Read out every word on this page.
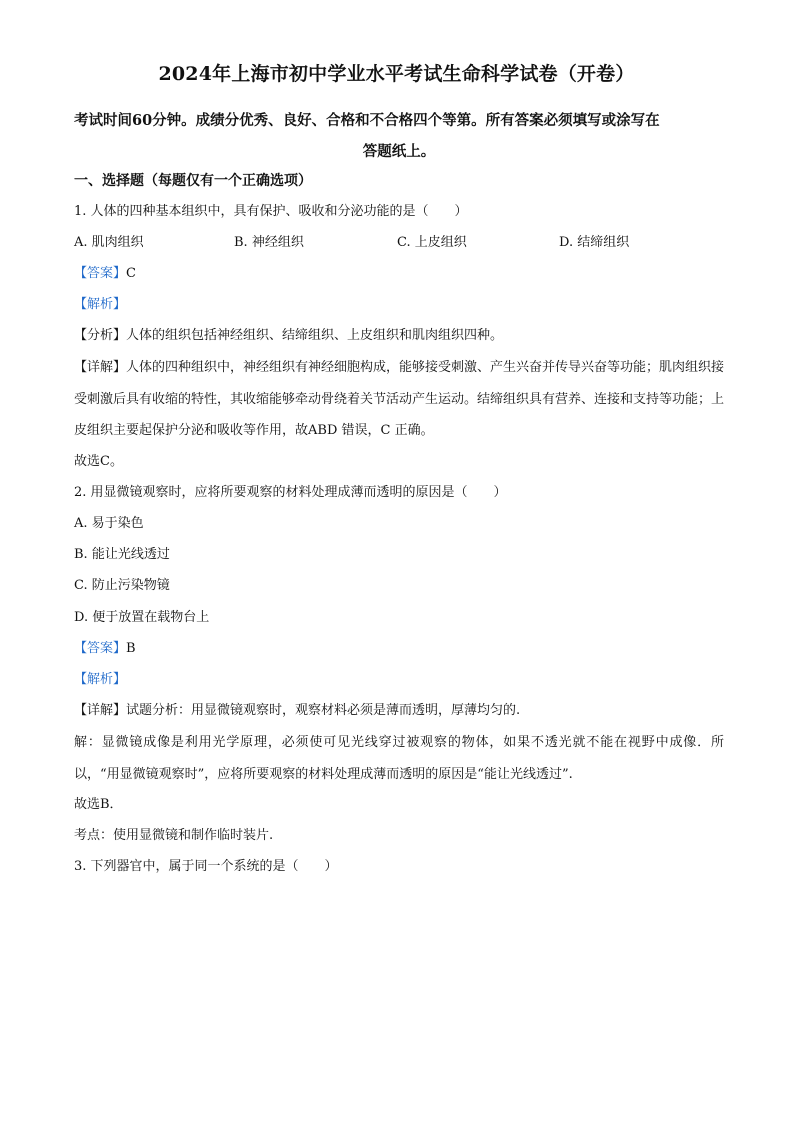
2024年上海市初中学业水平考试生命科学试卷（开卷）
考试时间60分钟。成绩分优秀、良好、合格和不合格四个等第。所有答案必须填写或涂写在
答题纸上。
一、选择题（每题仅有一个正确选项）
1. 人体的四种基本组织中，具有保护、吸收和分泌功能的是（　　）
A. 肌肉组织	B. 神经组织	C. 上皮组织	D. 结缔组织
【答案】C
【解析】
【分析】人体的组织包括神经组织、结缔组织、上皮组织和肌肉组织四种。
【详解】人体的四种组织中，神经组织有神经细胞构成，能够接受刺激、产生兴奋并传导兴奋等功能；肌肉组织接受刺激后具有收缩的特性，其收缩能够牵动骨绕着关节活动产生运动。结缔组织具有营养、连接和支持等功能；上皮组织主要起保护分泌和吸收等作用，故ABD 错误，C 正确。
故选C。
2. 用显微镜观察时，应将所要观察的材料处理成薄而透明的原因是（　　）
A. 易于染色
B. 能让光线透过
C. 防止污染物镜
D. 便于放置在载物台上
【答案】B
【解析】
【详解】试题分析：用显微镜观察时，观察材料必须是薄而透明，厚薄均匀的.
解：显微镜成像是利用光学原理，必须使可见光线穿过被观察的物体，如果不透光就不能在视野中成像．所以，“用显微镜观察时”，应将所要观察的材料处理成薄而透明的原因是“能让光线透过”.
故选B．
考点：使用显微镜和制作临时装片.
3. 下列器官中，属于同一个系统的是（　　）
